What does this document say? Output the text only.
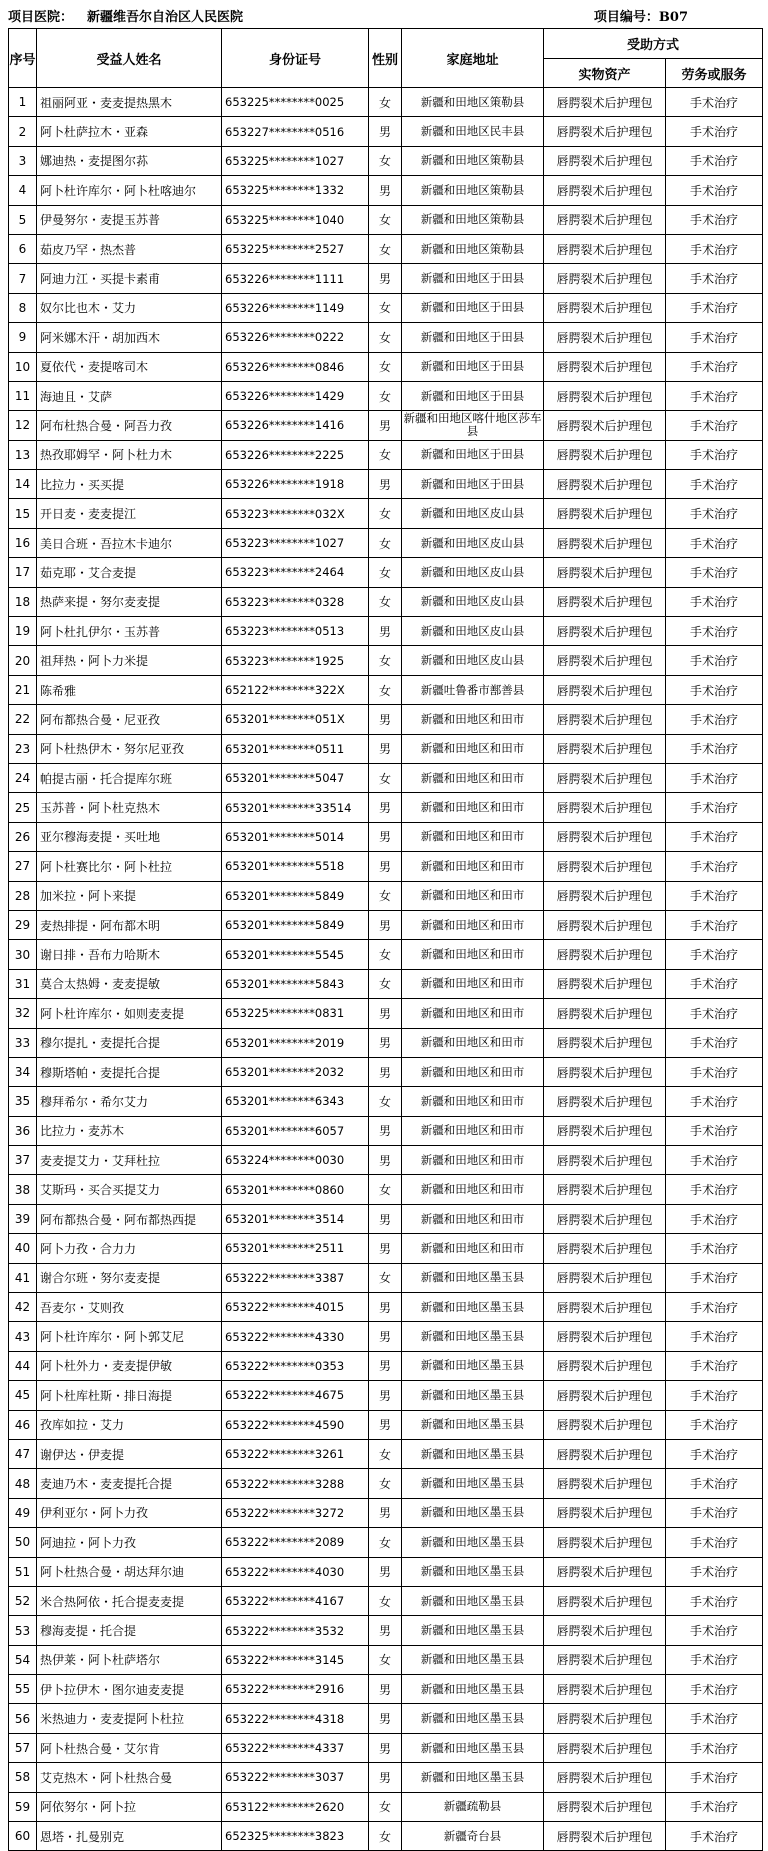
项目医院： 新疆维吾尔自治区人民医院	项目编号：B07
序号	受益人姓名	身份证号	性别	家庭地址	受助方式	
					实物资产	劳务或服务
1	祖丽阿亚・麦麦提热黑木	653225********0025	女	新疆和田地区策勒县	唇腭裂术后护理包	手术治疗
2	阿卜杜萨拉木・亚森	653227********0516	男	新疆和田地区民丰县	唇腭裂术后护理包	手术治疗
3	娜迪热・麦提图尔荪	653225********1027	女	新疆和田地区策勒县	唇腭裂术后护理包	手术治疗
4	阿卜杜许库尔・阿卜杜喀迪尔	653225********1332	男	新疆和田地区策勒县	唇腭裂术后护理包	手术治疗
5	伊曼努尔・麦提玉苏普	653225********1040	女	新疆和田地区策勒县	唇腭裂术后护理包	手术治疗
6	茹皮乃罕・热杰普	653225********2527	女	新疆和田地区策勒县	唇腭裂术后护理包	手术治疗
7	阿迪力江・买提卡素甫	653226********1111	男	新疆和田地区于田县	唇腭裂术后护理包	手术治疗
8	奴尔比也木・艾力	653226********1149	女	新疆和田地区于田县	唇腭裂术后护理包	手术治疗
9	阿米娜木汗・胡加西木	653226********0222	女	新疆和田地区于田县	唇腭裂术后护理包	手术治疗
10	夏依代・麦提喀司木	653226********0846	女	新疆和田地区于田县	唇腭裂术后护理包	手术治疗
11	海迪且・艾萨	653226********1429	女	新疆和田地区于田县	唇腭裂术后护理包	手术治疗
12	阿布杜热合曼・阿吾力孜	653226********1416	男	新疆和田地区喀什地区莎车县	唇腭裂术后护理包	手术治疗
13	热孜耶姆罕・阿卜杜力木	653226********2225	女	新疆和田地区于田县	唇腭裂术后护理包	手术治疗
14	比拉力・买买提	653226********1918	男	新疆和田地区于田县	唇腭裂术后护理包	手术治疗
15	开日麦・麦麦提江	653223********032X	女	新疆和田地区皮山县	唇腭裂术后护理包	手术治疗
16	美日合班・吾拉木卡迪尔	653223********1027	女	新疆和田地区皮山县	唇腭裂术后护理包	手术治疗
17	茹克耶・艾合麦提	653223********2464	女	新疆和田地区皮山县	唇腭裂术后护理包	手术治疗
18	热萨来提・努尔麦麦提	653223********0328	女	新疆和田地区皮山县	唇腭裂术后护理包	手术治疗
19	阿卜杜扎伊尔・玉苏普	653223********0513	男	新疆和田地区皮山县	唇腭裂术后护理包	手术治疗
20	祖拜热・阿卜力米提	653223********1925	女	新疆和田地区皮山县	唇腭裂术后护理包	手术治疗
21	陈希雅	652122********322X	女	新疆吐鲁番市鄯善县	唇腭裂术后护理包	手术治疗
22	阿布都热合曼・尼亚孜	653201********051X	男	新疆和田地区和田市	唇腭裂术后护理包	手术治疗
23	阿卜杜热伊木・努尔尼亚孜	653201********0511	男	新疆和田地区和田市	唇腭裂术后护理包	手术治疗
24	帕提古丽・托合提库尔班	653201********5047	女	新疆和田地区和田市	唇腭裂术后护理包	手术治疗
25	玉苏普・阿卜杜克热木	653201********33514	男	新疆和田地区和田市	唇腭裂术后护理包	手术治疗
26	亚尔穆海麦提・买吐地	653201********5014	男	新疆和田地区和田市	唇腭裂术后护理包	手术治疗
27	阿卜杜赛比尔・阿卜杜拉	653201********5518	男	新疆和田地区和田市	唇腭裂术后护理包	手术治疗
28	加米拉・阿卜来提	653201********5849	女	新疆和田地区和田市	唇腭裂术后护理包	手术治疗
29	麦热排提・阿布都木明	653201********5849	男	新疆和田地区和田市	唇腭裂术后护理包	手术治疗
30	谢日排・吾布力哈斯木	653201********5545	女	新疆和田地区和田市	唇腭裂术后护理包	手术治疗
31	莫合太热姆・麦麦提敏	653201********5843	女	新疆和田地区和田市	唇腭裂术后护理包	手术治疗
32	阿卜杜许库尔・如则麦麦提	653225********0831	男	新疆和田地区和田市	唇腭裂术后护理包	手术治疗
33	穆尔提扎・麦提托合提	653201********2019	男	新疆和田地区和田市	唇腭裂术后护理包	手术治疗
34	穆斯塔帕・麦提托合提	653201********2032	男	新疆和田地区和田市	唇腭裂术后护理包	手术治疗
35	穆拜希尔・希尔艾力	653201********6343	女	新疆和田地区和田市	唇腭裂术后护理包	手术治疗
36	比拉力・麦苏木	653201********6057	男	新疆和田地区和田市	唇腭裂术后护理包	手术治疗
37	麦麦提艾力・艾拜杜拉	653224********0030	男	新疆和田地区和田市	唇腭裂术后护理包	手术治疗
38	艾斯玛・买合买提艾力	653201********0860	女	新疆和田地区和田市	唇腭裂术后护理包	手术治疗
39	阿布都热合曼・阿布都热西提	653201********3514	男	新疆和田地区和田市	唇腭裂术后护理包	手术治疗
40	阿卜力孜・合力力	653201********2511	男	新疆和田地区和田市	唇腭裂术后护理包	手术治疗
41	谢合尔班・努尔麦麦提	653222********3387	女	新疆和田地区墨玉县	唇腭裂术后护理包	手术治疗
42	吾麦尔・艾则孜	653222********4015	男	新疆和田地区墨玉县	唇腭裂术后护理包	手术治疗
43	阿卜杜许库尔・阿卜郭艾尼	653222********4330	男	新疆和田地区墨玉县	唇腭裂术后护理包	手术治疗
44	阿卜杜外力・麦麦提伊敏	653222********0353	男	新疆和田地区墨玉县	唇腭裂术后护理包	手术治疗
45	阿卜杜库杜斯・排日海提	653222********4675	男	新疆和田地区墨玉县	唇腭裂术后护理包	手术治疗
46	孜库如拉・艾力	653222********4590	男	新疆和田地区墨玉县	唇腭裂术后护理包	手术治疗
47	谢伊达・伊麦提	653222********3261	女	新疆和田地区墨玉县	唇腭裂术后护理包	手术治疗
48	麦迪乃木・麦麦提托合提	653222********3288	女	新疆和田地区墨玉县	唇腭裂术后护理包	手术治疗
49	伊利亚尔・阿卜力孜	653222********3272	男	新疆和田地区墨玉县	唇腭裂术后护理包	手术治疗
50	阿迪拉・阿卜力孜	653222********2089	女	新疆和田地区墨玉县	唇腭裂术后护理包	手术治疗
51	阿卜杜热合曼・胡达拜尔迪	653222********4030	男	新疆和田地区墨玉县	唇腭裂术后护理包	手术治疗
52	米合热阿依・托合提麦麦提	653222********4167	女	新疆和田地区墨玉县	唇腭裂术后护理包	手术治疗
53	穆海麦提・托合提	653222********3532	男	新疆和田地区墨玉县	唇腭裂术后护理包	手术治疗
54	热伊莱・阿卜杜萨塔尔	653222********3145	女	新疆和田地区墨玉县	唇腭裂术后护理包	手术治疗
55	伊卜拉伊木・图尔迪麦麦提	653222********2916	男	新疆和田地区墨玉县	唇腭裂术后护理包	手术治疗
56	米热迪力・麦麦提阿卜杜拉	653222********4318	男	新疆和田地区墨玉县	唇腭裂术后护理包	手术治疗
57	阿卜杜热合曼・艾尔肯	653222********4337	男	新疆和田地区墨玉县	唇腭裂术后护理包	手术治疗
58	艾克热木・阿卜杜热合曼	653222********3037	男	新疆和田地区墨玉县	唇腭裂术后护理包	手术治疗
59	阿依努尔・阿卜拉	653122********2620	女	新疆疏勒县	唇腭裂术后护理包	手术治疗
60	恩塔・扎曼别克	652325********3823	女	新疆奇台县	唇腭裂术后护理包	手术治疗
